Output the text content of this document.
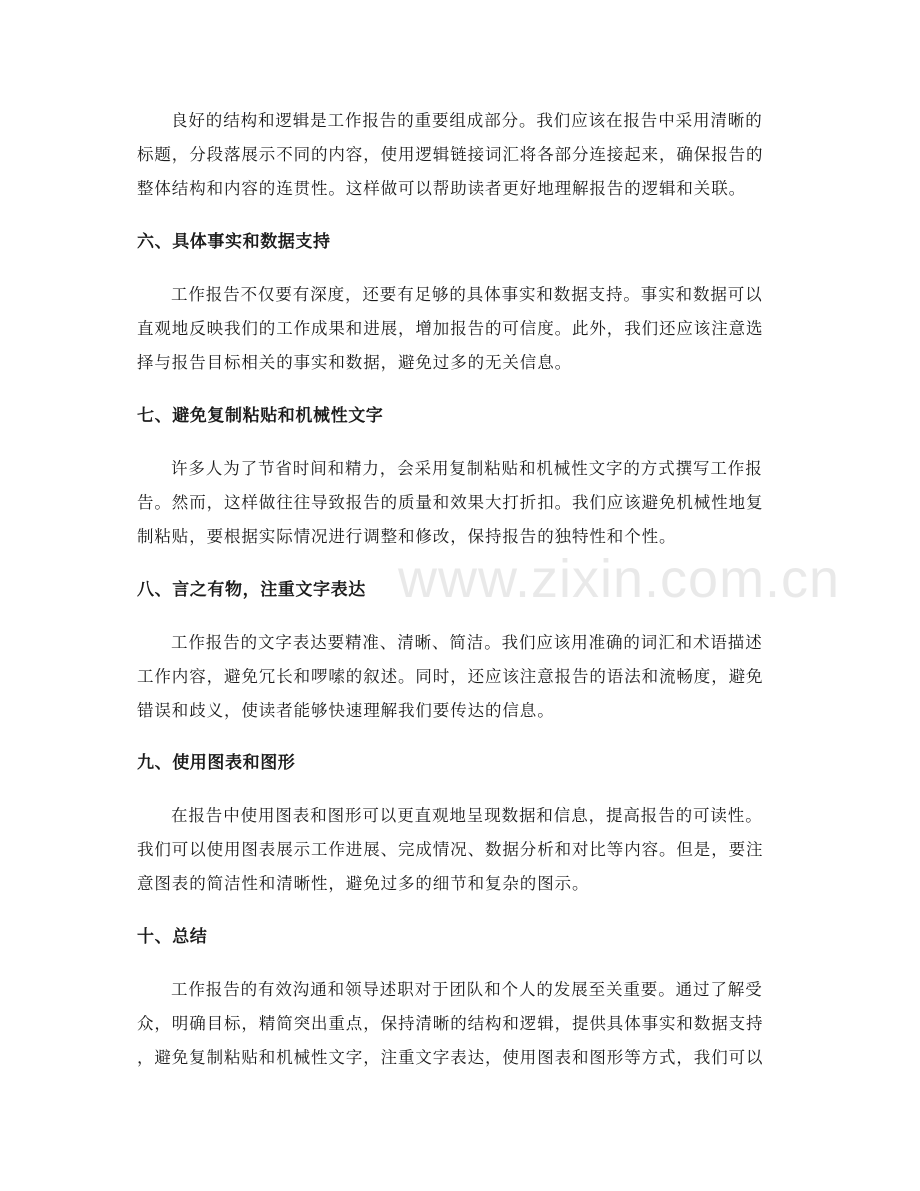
良好的结构和逻辑是工作报告的重要组成部分。我们应该在报告中采用清晰的
标题，分段落展示不同的内容，使用逻辑链接词汇将各部分连接起来，确保报告的
整体结构和内容的连贯性。这样做可以帮助读者更好地理解报告的逻辑和关联。
六、具体事实和数据支持
工作报告不仅要有深度，还要有足够的具体事实和数据支持。事实和数据可以
直观地反映我们的工作成果和进展，增加报告的可信度。此外，我们还应该注意选
择与报告目标相关的事实和数据，避免过多的无关信息。
七、避免复制粘贴和机械性文字
许多人为了节省时间和精力，会采用复制粘贴和机械性文字的方式撰写工作报
告。然而，这样做往往导致报告的质量和效果大打折扣。我们应该避免机械性地复
制粘贴，要根据实际情况进行调整和修改，保持报告的独特性和个性。
八、言之有物，注重文字表达
工作报告的文字表达要精准、清晰、简洁。我们应该用准确的词汇和术语描述
工作内容，避免冗长和啰嗦的叙述。同时，还应该注意报告的语法和流畅度，避免
错误和歧义，使读者能够快速理解我们要传达的信息。
九、使用图表和图形
在报告中使用图表和图形可以更直观地呈现数据和信息，提高报告的可读性。
我们可以使用图表展示工作进展、完成情况、数据分析和对比等内容。但是，要注
意图表的简洁性和清晰性，避免过多的细节和复杂的图示。
十、总结
工作报告的有效沟通和领导述职对于团队和个人的发展至关重要。通过了解受
众，明确目标，精简突出重点，保持清晰的结构和逻辑，提供具体事实和数据支持
，避免复制粘贴和机械性文字，注重文字表达，使用图表和图形等方式，我们可以
www.zixin.com.cn
